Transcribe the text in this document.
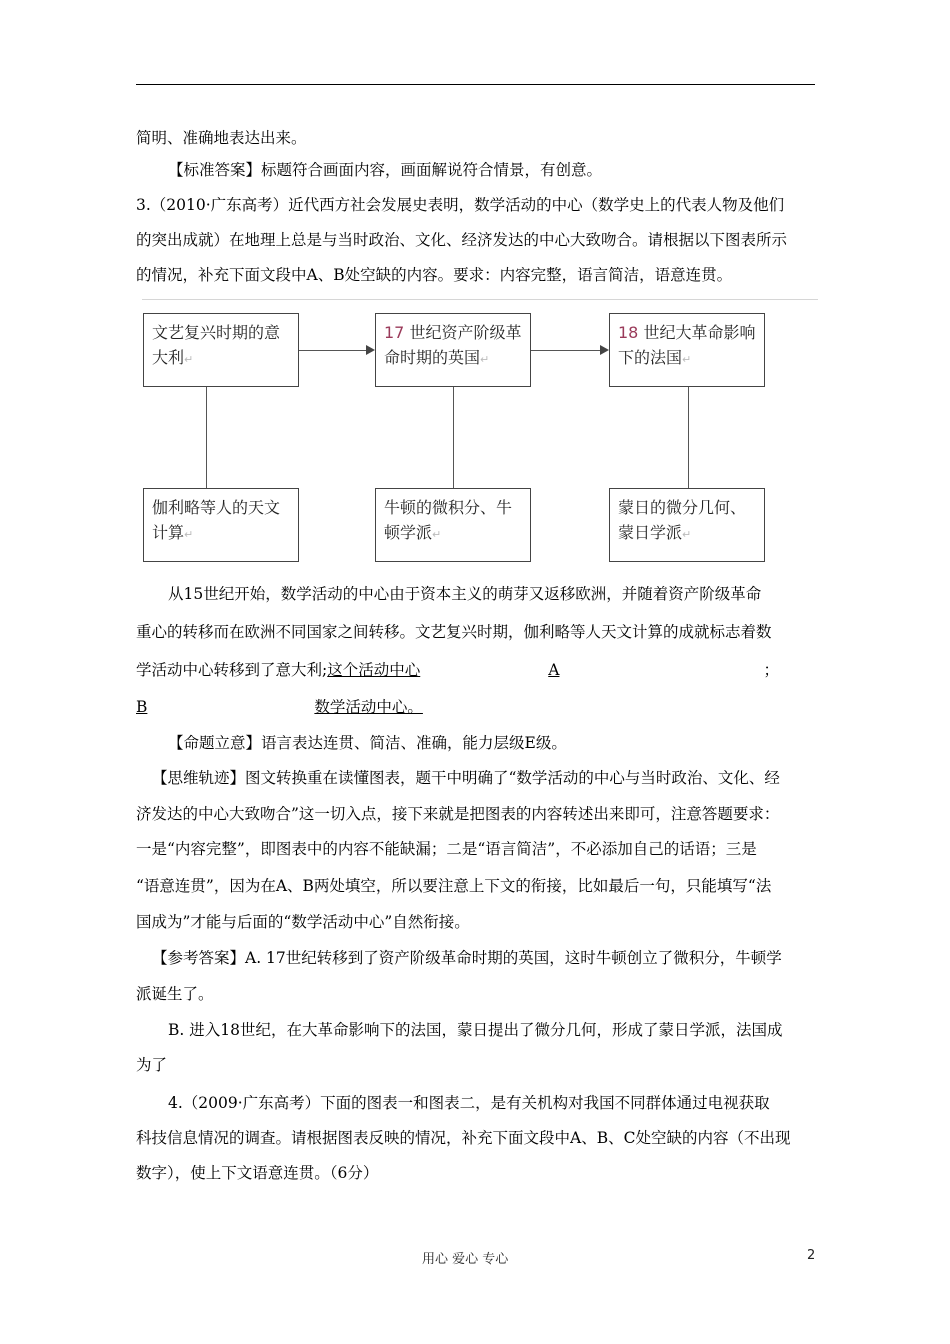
简明、准确地表达出来。
【标准答案】标题符合画面内容，画面解说符合情景，有创意。
3.（2010·广东高考）近代西方社会发展史表明，数学活动的中心（数学史上的代表人物及他们
的突出成就）在地理上总是与当时政治、文化、经济发达的中心大致吻合。请根据以下图表所示
的情况，补充下面文段中A、B处空缺的内容。要求：内容完整，语言简洁，语意连贯。
文艺复兴时期的意大利↵
17 世纪资产阶级革命时期的英国↵
18 世纪大革命影响下的法国↵
伽利略等人的天文计算↵
牛顿的微积分、牛顿学派↵
蒙日的微分几何、蒙日学派↵
从15世纪开始，数学活动的中心由于资本主义的萌芽又返移欧洲，并随着资产阶级革命
重心的转移而在欧洲不同国家之间转移。文艺复兴时期，伽利略等人天文计算的成就标志着数
学活动中心转移到了意大利;这个活动中心	A	；
B	数学活动中心。
【命题立意】语言表达连贯、简洁、准确，能力层级E级。
【思维轨迹】图文转换重在读懂图表，题干中明确了“数学活动的中心与当时政治、文化、经
济发达的中心大致吻合”这一切入点，接下来就是把图表的内容转述出来即可，注意答题要求：
一是“内容完整”，即图表中的内容不能缺漏；二是“语言简洁”，不必添加自己的话语；三是
“语意连贯”，因为在A、B两处填空，所以要注意上下文的衔接，比如最后一句，只能填写“法
国成为”才能与后面的“数学活动中心”自然衔接。
【参考答案】A. 17世纪转移到了资产阶级革命时期的英国，这时牛顿创立了微积分，牛顿学
派诞生了。
B. 进入18世纪，在大革命影响下的法国，蒙日提出了微分几何，形成了蒙日学派，法国成
为了
4.（2009·广东高考）下面的图表一和图表二，是有关机构对我国不同群体通过电视获取
科技信息情况的调查。请根据图表反映的情况，补充下面文段中A、B、C处空缺的内容（不出现
数字），使上下文语意连贯。（6分）
用心 爱心 专心	2
